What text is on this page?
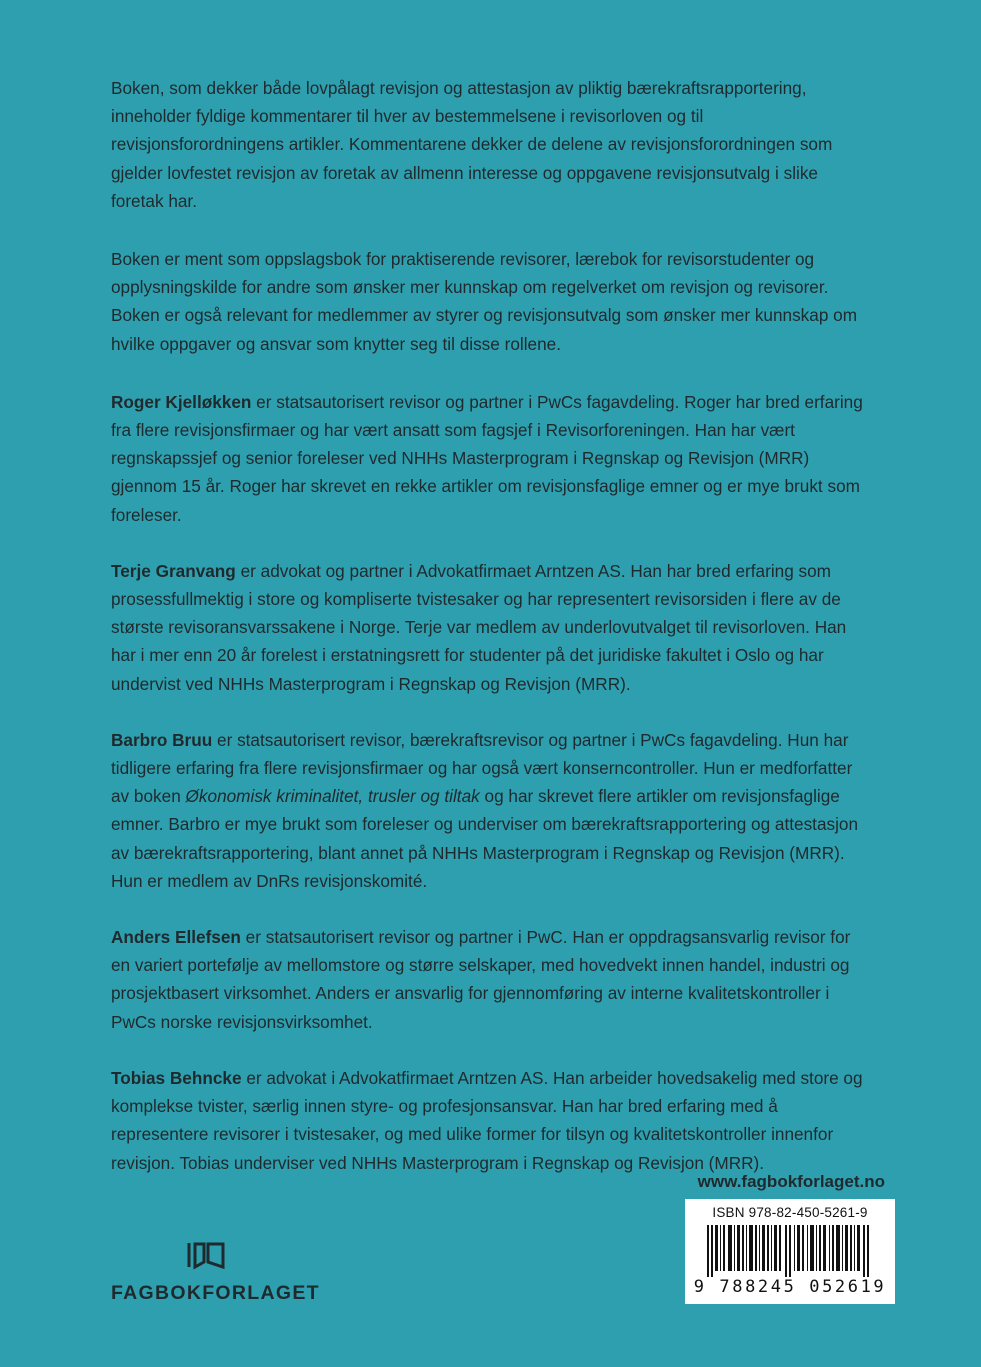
Boken, som dekker både lovpålagt revisjon og attestasjon av pliktig bærekraftsrapportering, inneholder fyldige kommentarer til hver av bestemmelsene i revisorloven og til revisjonsforordningens artikler. Kommentarene dekker de delene av revisjonsforordningen som gjelder lovfestet revisjon av foretak av allmenn interesse og oppgavene revisjonsutvalg i slike foretak har.

Boken er ment som oppslagsbok for praktiserende revisorer, lærebok for revisorstudenter og opplysningskilde for andre som ønsker mer kunnskap om regelverket om revisjon og revisorer. Boken er også relevant for medlemmer av styrer og revisjonsutvalg som ønsker mer kunnskap om hvilke oppgaver og ansvar som knytter seg til disse rollene.

Roger Kjelløkken er statsautorisert revisor og partner i PwCs fagavdeling. Roger har bred erfaring fra flere revisjonsfirmaer og har vært ansatt som fagsjef i Revisorforeningen. Han har vært regnskapssjef og senior foreleser ved NHHs Masterprogram i Regnskap og Revisjon (MRR) gjennom 15 år. Roger har skrevet en rekke artikler om revisjonsfaglige emner og er mye brukt som foreleser.

Terje Granvang er advokat og partner i Advokatfirmaet Arntzen AS. Han har bred erfaring som prosessfullmektig i store og kompliserte tvistesaker og har representert revisorsiden i flere av de største revisoransvarssakene i Norge. Terje var medlem av underlovutvalget til revisorloven. Han har i mer enn 20 år forelest i erstatningsrett for studenter på det juridiske fakultet i Oslo og har undervist ved NHHs Masterprogram i Regnskap og Revisjon (MRR).

Barbro Bruu er statsautorisert revisor, bærekraftsrevisor og partner i PwCs fagavdeling. Hun har tidligere erfaring fra flere revisjonsfirmaer og har også vært konserncontroller. Hun er medforfatter av boken Økonomisk kriminalitet, trusler og tiltak og har skrevet flere artikler om revisjonsfaglige emner. Barbro er mye brukt som foreleser og underviser om bærekraftsrapportering og attestasjon av bærekraftsrapportering, blant annet på NHHs Masterprogram i Regnskap og Revisjon (MRR). Hun er medlem av DnRs revisjonskomité.

Anders Ellefsen er statsautorisert revisor og partner i PwC. Han er oppdragsansvarlig revisor for en variert portefølje av mellomstore og større selskaper, med hovedvekt innen handel, industri og prosjektbasert virksomhet. Anders er ansvarlig for gjennomføring av interne kvalitetskontroller i PwCs norske revisjonsvirksomhet.

Tobias Behncke er advokat i Advokatfirmaet Arntzen AS. Han arbeider hovedsakelig med store og komplekse tvister, særlig innen styre- og profesjonsansvar. Han har bred erfaring med å representere revisorer i tvistesaker, og med ulike former for tilsyn og kvalitetskontroller innenfor revisjon. Tobias underviser ved NHHs Masterprogram i Regnskap og Revisjon (MRR).

www.fagbokforlaget.no
ISBN 978-82-450-5261-9
9 788245 052619
FAGBOKFORLAGET
